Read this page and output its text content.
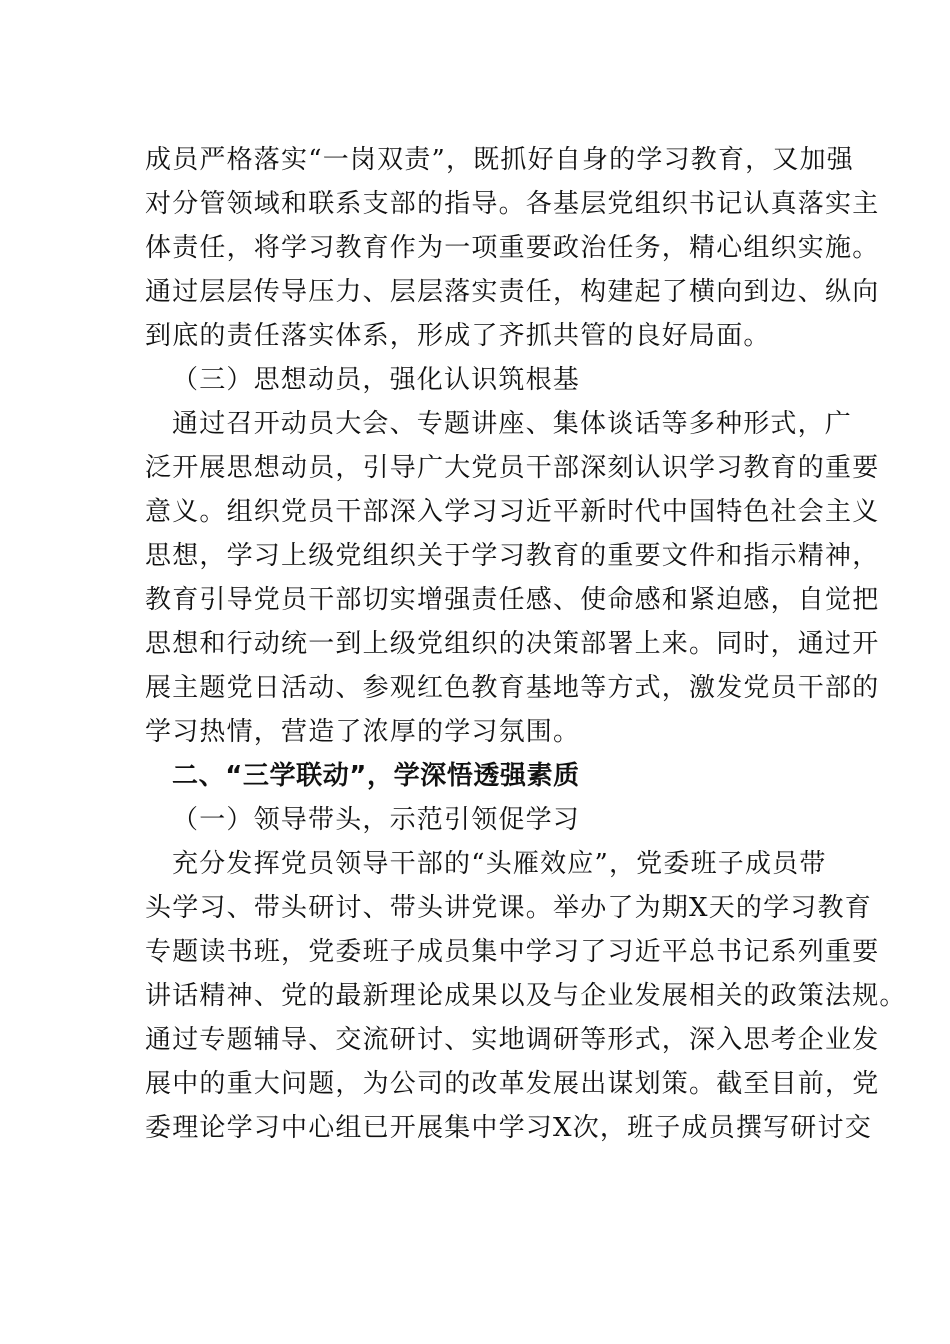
成员严格落实“一岗双责”，既抓好自身的学习教育，又加强
对分管领域和联系支部的指导。各基层党组织书记认真落实主
体责任，将学习教育作为一项重要政治任务，精心组织实施。
通过层层传导压力、层层落实责任，构建起了横向到边、纵向
到底的责任落实体系，形成了齐抓共管的良好局面。
（三）思想动员，强化认识筑根基
通过召开动员大会、专题讲座、集体谈话等多种形式，广
泛开展思想动员，引导广大党员干部深刻认识学习教育的重要
意义。组织党员干部深入学习习近平新时代中国特色社会主义
思想，学习上级党组织关于学习教育的重要文件和指示精神，
教育引导党员干部切实增强责任感、使命感和紧迫感，自觉把
思想和行动统一到上级党组织的决策部署上来。同时，通过开
展主题党日活动、参观红色教育基地等方式，激发党员干部的
学习热情，营造了浓厚的学习氛围。
二、“三学联动”，学深悟透强素质
（一）领导带头，示范引领促学习
充分发挥党员领导干部的“头雁效应”，党委班子成员带
头学习、带头研讨、带头讲党课。举办了为期X天的学习教育
专题读书班，党委班子成员集中学习了习近平总书记系列重要
讲话精神、党的最新理论成果以及与企业发展相关的政策法规。
通过专题辅导、交流研讨、实地调研等形式，深入思考企业发
展中的重大问题，为公司的改革发展出谋划策。截至目前，党
委理论学习中心组已开展集中学习X次，班子成员撰写研讨交
